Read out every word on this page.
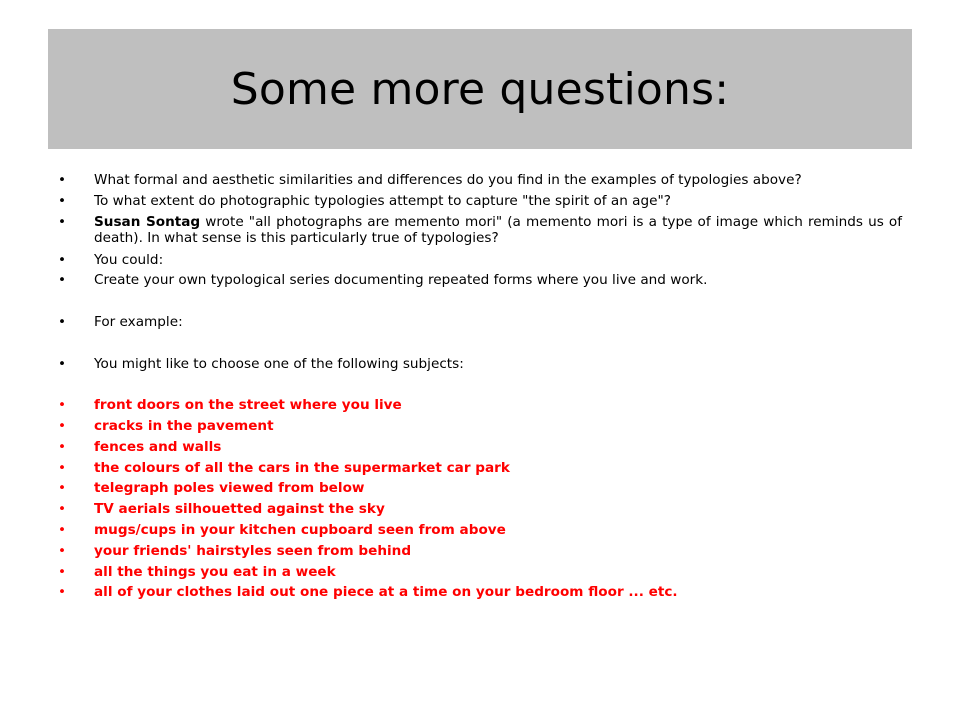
Some more questions:
• What formal and aesthetic similarities and differences do you find in the examples of typologies above?
• To what extent do photographic typologies attempt to capture "the spirit of an age"?
• Susan Sontag wrote "all photographs are memento mori" (a memento mori is a type of image which reminds us of death). In what sense is this particularly true of typologies?
• You could:
• Create your own typological series documenting repeated forms where you live and work.
• For example:
• You might like to choose one of the following subjects:
• front doors on the street where you live
• cracks in the pavement
• fences and walls
• the colours of all the cars in the supermarket car park
• telegraph poles viewed from below
• TV aerials silhouetted against the sky
• mugs/cups in your kitchen cupboard seen from above
• your friends' hairstyles seen from behind
• all the things you eat in a week
• all of your clothes laid out one piece at a time on your bedroom floor ... etc.
